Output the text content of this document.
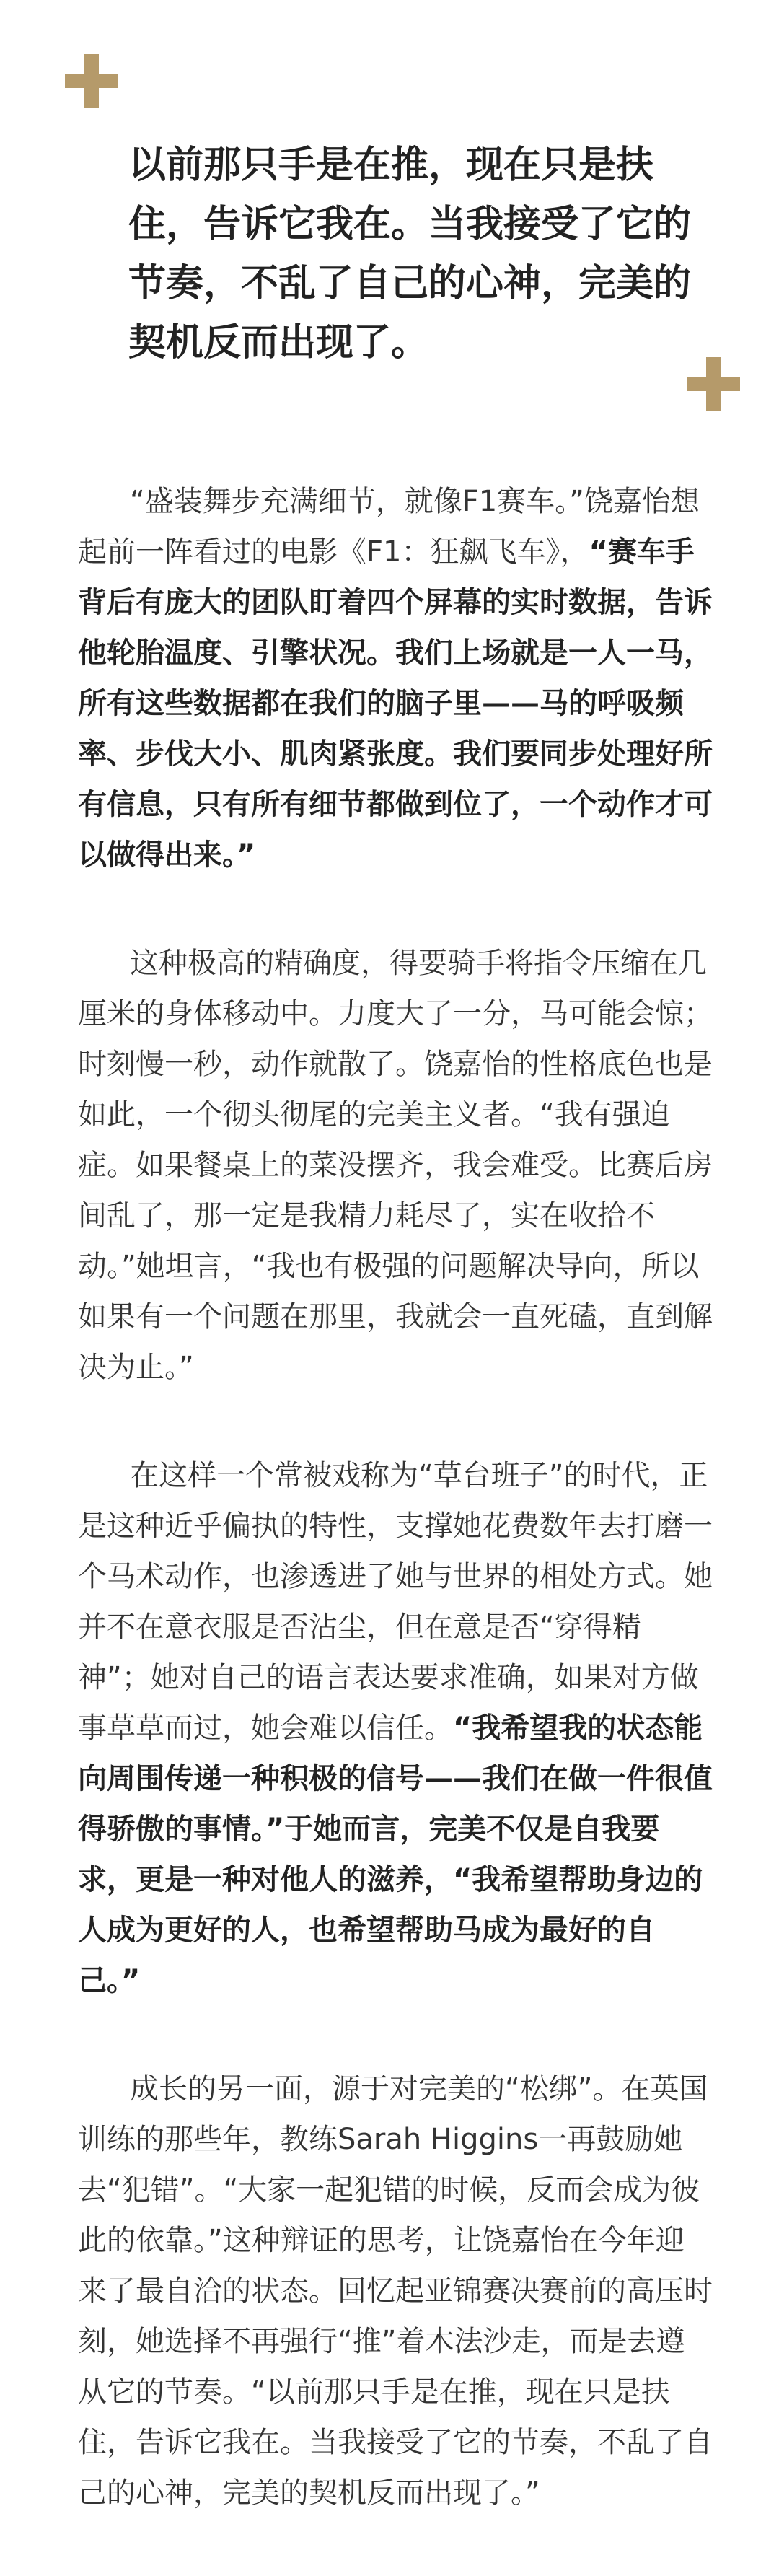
以前那只手是在推，现在只是扶住，告诉它我在。当我接受了它的节奏，不乱了自己的心神，完美的契机反而出现了。

“盛装舞步充满细节，就像F1赛车。”饶嘉怡想起前一阵看过的电影《F1：狂飙飞车》，“赛车手背后有庞大的团队盯着四个屏幕的实时数据，告诉他轮胎温度、引擎状况。我们上场就是一人一马，所有这些数据都在我们的脑子里——马的呼吸频率、步伐大小、肌肉紧张度。我们要同步处理好所有信息，只有所有细节都做到位了，一个动作才可以做得出来。”

这种极高的精确度，得要骑手将指令压缩在几厘米的身体移动中。力度大了一分，马可能会惊；时刻慢一秒，动作就散了。饶嘉怡的性格底色也是如此，一个彻头彻尾的完美主义者。“我有强迫症。如果餐桌上的菜没摆齐，我会难受。比赛后房间乱了，那一定是我精力耗尽了，实在收拾不动。”她坦言，“我也有极强的问题解决导向，所以如果有一个问题在那里，我就会一直死磕，直到解决为止。”

在这样一个常被戏称为“草台班子”的时代，正是这种近乎偏执的特性，支撑她花费数年去打磨一个马术动作，也渗透进了她与世界的相处方式。她并不在意衣服是否沾尘，但在意是否“穿得精神”；她对自己的语言表达要求准确，如果对方做事草草而过，她会难以信任。“我希望我的状态能向周围传递一种积极的信号——我们在做一件很值得骄傲的事情。”于她而言，完美不仅是自我要求，更是一种对他人的滋养，“我希望帮助身边的人成为更好的人，也希望帮助马成为最好的自己。”

成长的另一面，源于对完美的“松绑”。在英国训练的那些年，教练Sarah Higgins一再鼓励她去“犯错”。“大家一起犯错的时候，反而会成为彼此的依靠。”这种辩证的思考，让饶嘉怡在今年迎来了最自洽的状态。回忆起亚锦赛决赛前的高压时刻，她选择不再强行“推”着木法沙走，而是去遵从它的节奏。“以前那只手是在推，现在只是扶住，告诉它我在。当我接受了它的节奏，不乱了自己的心神，完美的契机反而出现了。”
